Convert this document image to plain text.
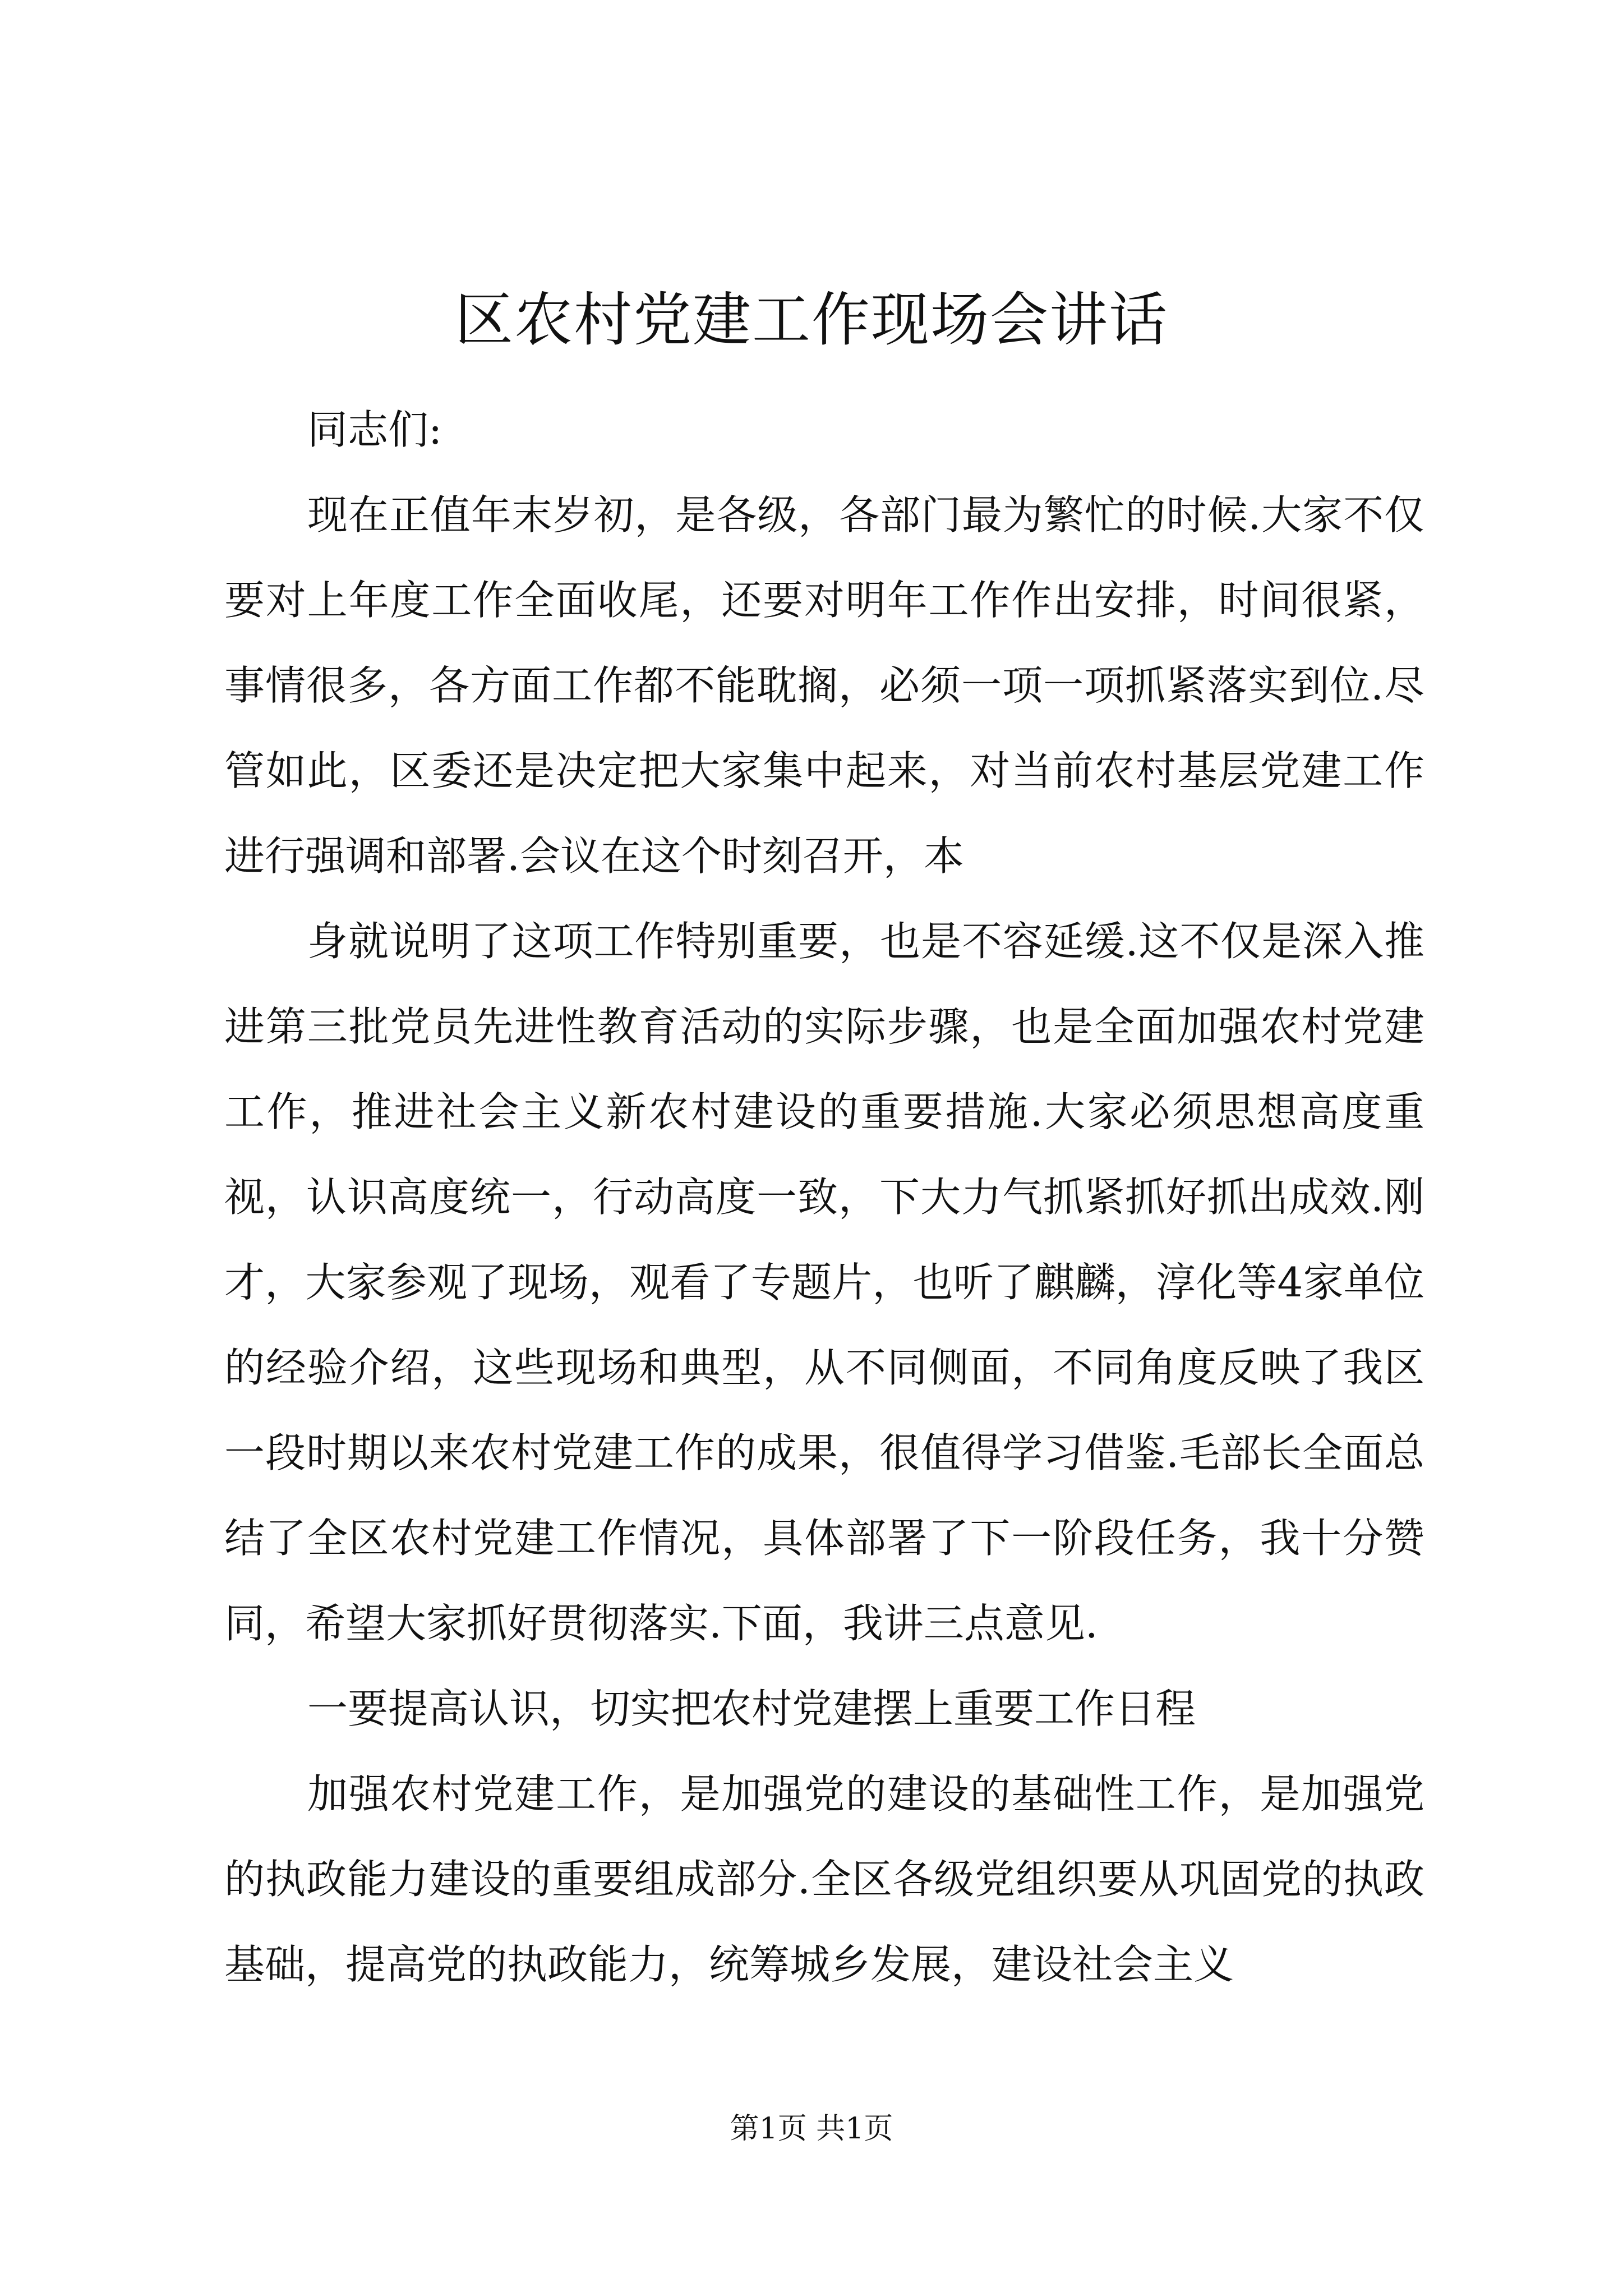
区农村党建工作现场会讲话

同志们:

现在正值年末岁初，是各级，各部门最为繁忙的时候.大家不仅要对上年度工作全面收尾，还要对明年工作作出安排，时间很紧，事情很多，各方面工作都不能耽搁，必须一项一项抓紧落实到位.尽管如此，区委还是决定把大家集中起来，对当前农村基层党建工作进行强调和部署.会议在这个时刻召开，本

身就说明了这项工作特别重要，也是不容延缓.这不仅是深入推进第三批党员先进性教育活动的实际步骤，也是全面加强农村党建工作，推进社会主义新农村建设的重要措施.大家必须思想高度重视，认识高度统一，行动高度一致，下大力气抓紧抓好抓出成效.刚才，大家参观了现场，观看了专题片，也听了麒麟，淳化等4家单位的经验介绍，这些现场和典型，从不同侧面，不同角度反映了我区一段时期以来农村党建工作的成果，很值得学习借鉴.毛部长全面总结了全区农村党建工作情况，具体部署了下一阶段任务，我十分赞同，希望大家抓好贯彻落实.下面，我讲三点意见.

一要提高认识，切实把农村党建摆上重要工作日程

加强农村党建工作，是加强党的建设的基础性工作，是加强党的执政能力建设的重要组成部分.全区各级党组织要从巩固党的执政基础，提高党的执政能力，统筹城乡发展，建设社会主义

第1页 共1页
